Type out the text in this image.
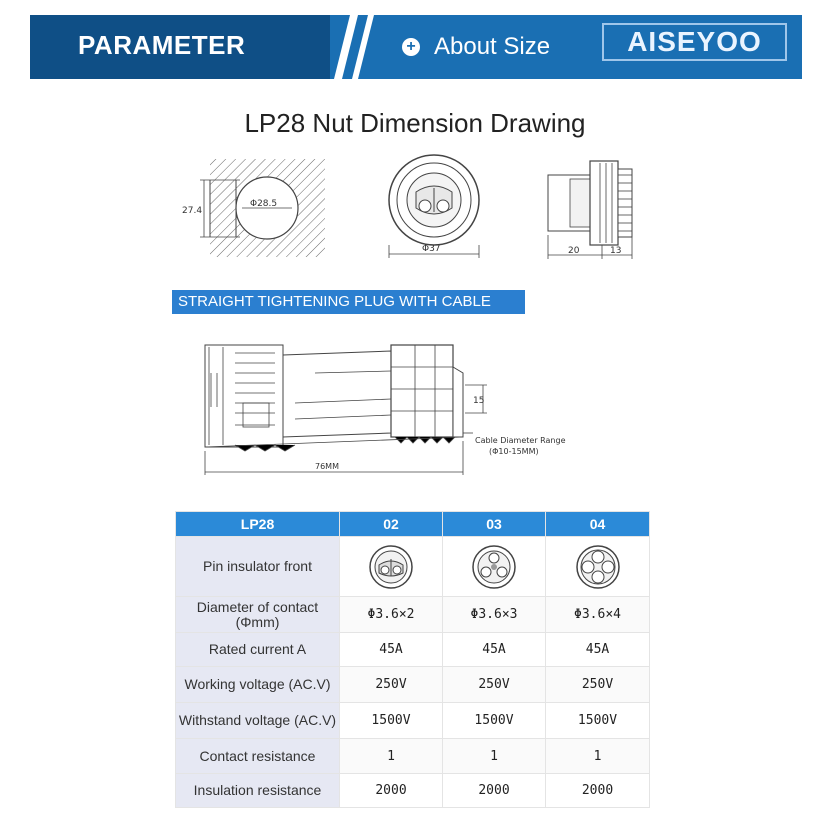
PARAMETER	+ About Size	AISEYOO
LP28 Nut Dimension Drawing
27.4
Φ28.5
Φ37	20	13
STRAIGHT TIGHTENING PLUG WITH CABLE
15
Cable Diameter Range
(Φ10-15MM)
76MM
LP28	02	03	04
Pin insulator front	

Diameter of contact (Φmm)	Φ3.6×2	Φ3.6×3	Φ3.6×4
Rated current A	45A	45A	45A
Working voltage (AC.V)	250V	250V	250V
Withstand voltage (AC.V)	1500V	1500V	1500V
Contact resistance	1	1	1
Insulation resistance	2000	2000	2000
